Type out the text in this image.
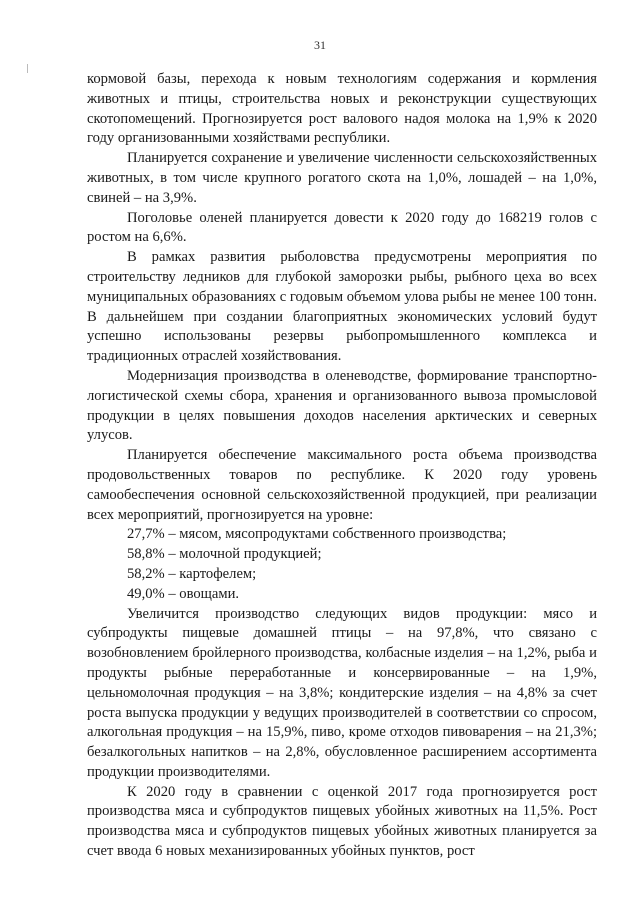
31

кормовой базы, перехода к новым технологиям содержания и кормления животных и птицы, строительства новых и реконструкции существующих скотопомещений. Прогнозируется рост валового надоя молока на 1,9% к 2020 году организованными хозяйствами республики.

Планируется сохранение и увеличение численности сельскохозяйственных животных, в том числе крупного рогатого скота на 1,0%, лошадей – на 1,0%, свиней – на 3,9%.

Поголовье оленей планируется довести к 2020 году до 168219 голов с ростом на 6,6%.

В рамках развития рыболовства предусмотрены мероприятия по строительству ледников для глубокой заморозки рыбы, рыбного цеха во всех муниципальных образованиях с годовым объемом улова рыбы не менее 100 тонн. В дальнейшем при создании благоприятных экономических условий будут успешно использованы резервы рыбопромышленного комплекса и традиционных отраслей хозяйствования.

Модернизация производства в оленеводстве, формирование транспортно-логистической схемы сбора, хранения и организованного вывоза промысловой продукции в целях повышения доходов населения арктических и северных улусов.

Планируется обеспечение максимального роста объема производства продовольственных товаров по республике. К 2020 году уровень самообеспечения основной сельскохозяйственной продукцией, при реализации всех мероприятий, прогнозируется на уровне:

27,7% – мясом, мясопродуктами собственного производства;

58,8% – молочной продукцией;

58,2% – картофелем;

49,0% – овощами.

Увеличится производство следующих видов продукции: мясо и субпродукты пищевые домашней птицы – на 97,8%, что связано с возобновлением бройлерного производства, колбасные изделия – на 1,2%, рыба и продукты рыбные переработанные и консервированные – на 1,9%, цельномолочная продукция – на 3,8%; кондитерские изделия – на 4,8% за счет роста выпуска продукции у ведущих производителей в соответствии со спросом, алкогольная продукция – на 15,9%, пиво, кроме отходов пивоварения – на 21,3%; безалкогольных напитков – на 2,8%, обусловленное расширением ассортимента продукции производителями.

К 2020 году в сравнении с оценкой 2017 года прогнозируется рост производства мяса и субпродуктов пищевых убойных животных на 11,5%. Рост производства мяса и субпродуктов пищевых убойных животных планируется за счет ввода 6 новых механизированных убойных пунктов, рост
